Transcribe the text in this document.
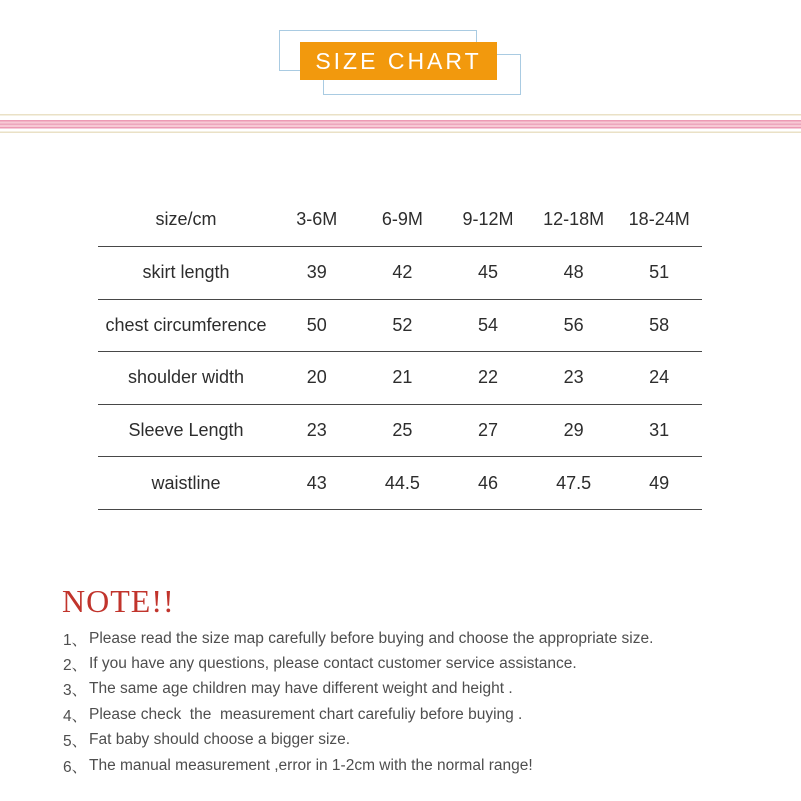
SIZE CHART
size/cm	3-6M	6-9M	9-12M	12-18M	18-24M
skirt length	39	42	45	48	51
chest circumference	50	52	54	56	58
shoulder width	20	21	22	23	24
Sleeve Length	23	25	27	29	31
waistline	43	44.5	46	47.5	49
NOTE!!
1、 Please read the size map carefully before buying and choose the appropriate size.
2、 If you have any questions, please contact customer service assistance.
3、 The same age children may have different weight and height .
4、 Please check  the  measurement chart carefuliy before buying .
5、 Fat baby should choose a bigger size.
6、 The manual measurement ,error in 1-2cm with the normal range!
